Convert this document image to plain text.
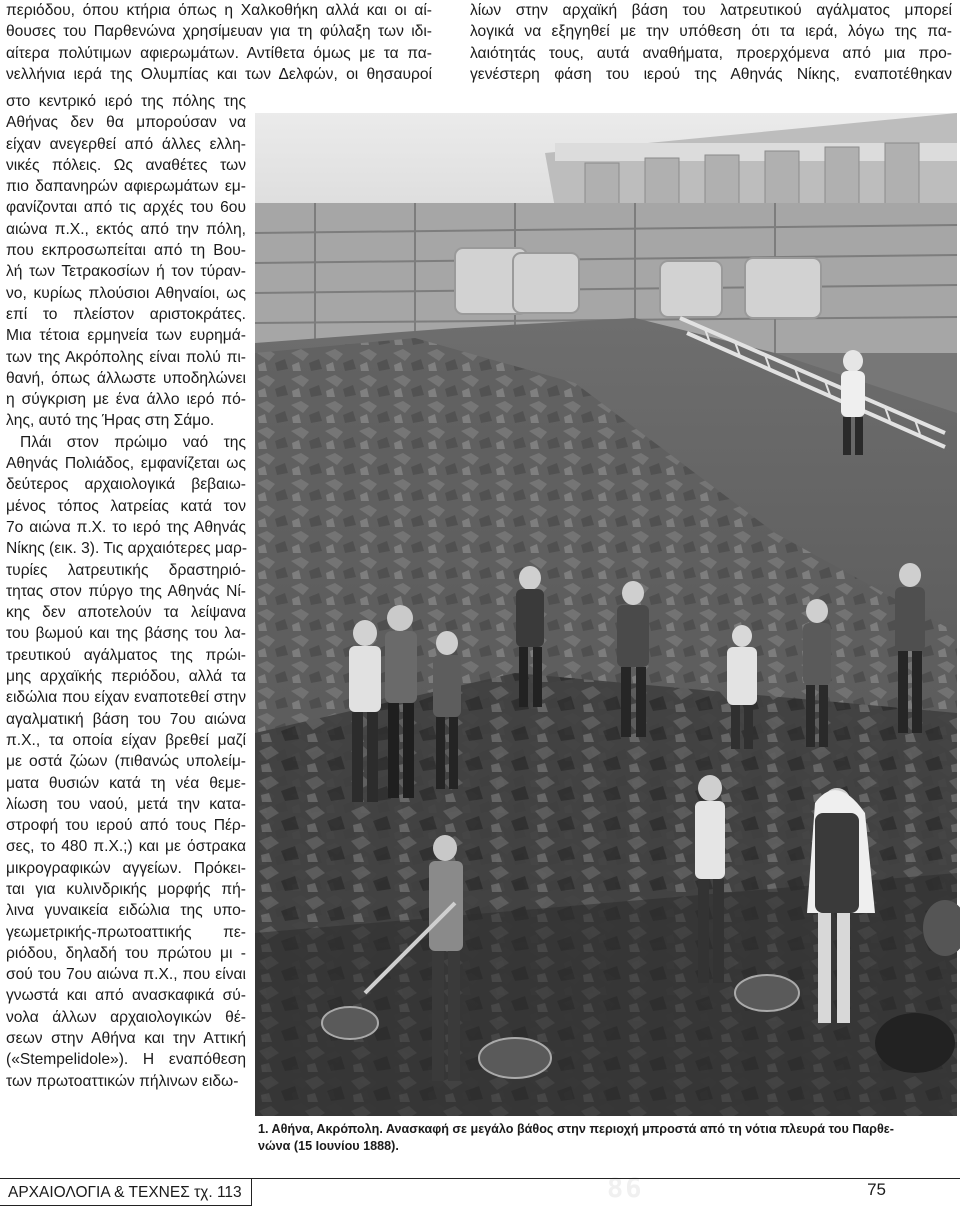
περιόδου, όπου κτήρια όπως η Χαλκοθήκη αλλά και οι αί-
θουσες του Παρθενώνα χρησίμευαν για τη φύλαξη των ιδι-
αίτερα πολύτιμων αφιερωμάτων. Αντίθετα όμως με τα πα-
νελλήνια ιερά της Ολυμπίας και των Δελφών, οι θησαυροί
λίων στην αρχαϊκή βάση του λατρευτικού αγάλματος μπορεί
λογικά να εξηγηθεί με την υπόθεση ότι τα ιερά, λόγω της πα-
λαιότητάς τους, αυτά αναθήματα, προερχόμενα από μια προ-
γενέστερη φάση του ιερού της Αθηνάς Νίκης, εναποτέθηκαν
στο κεντρικό ιερό της πόλης της
Αθήνας δεν θα μπορούσαν να
είχαν ανεγερθεί από άλλες ελλη-
νικές πόλεις. Ως αναθέτες των
πιο δαπανηρών αφιερωμάτων εμ-
φανίζονται από τις αρχές του 6ου
αιώνα π.Χ., εκτός από την πόλη,
που εκπροσωπείται από τη Βου-
λή των Τετρακοσίων ή τον τύραν-
νο, κυρίως πλούσιοι Αθηναίοι, ως
επί το πλείστον αριστοκράτες.
Μια τέτοια ερμηνεία των ευρημά-
των της Ακρόπολης είναι πολύ πι-
θανή, όπως άλλωστε υποδηλώνει
η σύγκριση με ένα άλλο ιερό πό-
λης, αυτό της Ήρας στη Σάμο.
Πλάι στον πρώιμο ναό της
Αθηνάς Πολιάδος, εμφανίζεται ως
δεύτερος αρχαιολογικά βεβαιω-
μένος τόπος λατρείας κατά τον
7ο αιώνα π.Χ. το ιερό της Αθηνάς
Νίκης (εικ. 3). Τις αρχαιότερες μαρ-
τυρίες λατρευτικής δραστηριό-
τητας στον πύργο της Αθηνάς Νί-
κης δεν αποτελούν τα λείψανα
του βωμού και της βάσης του λα-
τρευτικού αγάλματος της πρώι-
μης αρχαϊκής περιόδου, αλλά τα
ειδώλια που είχαν εναποτεθεί στην
αγαλματική βάση του 7ου αιώνα
π.Χ., τα οποία είχαν βρεθεί μαζί
με οστά ζώων (πιθανώς υπολείμ-
ματα θυσιών κατά τη νέα θεμε-
λίωση του ναού, μετά την κατα-
στροφή του ιερού από τους Πέρ-
σες, το 480 π.Χ.;) και με όστρακα
μικρογραφικών αγγείων. Πρόκει-
ται για κυλινδρικής μορφής πή-
λινα γυναικεία ειδώλια της υπο-
γεωμετρικής-πρωτοαττικής πε-
ριόδου, δηλαδή του πρώτου μι -
σού του 7ου αιώνα π.Χ., που είναι
γνωστά και από ανασκαφικά σύ-
νολα άλλων αρχαιολογικών θέ-
σεων στην Αθήνα και την Αττική
(«Stempelidole»). Η εναπόθεση
των πρωτοαττικών πήλινων ειδω-
86
1. Αθήνα, Ακρόπολη. Ανασκαφή σε μεγάλο βάθος στην περιοχή μπροστά από τη νότια πλευρά του Παρθε-
νώνα (15 Ιουνίου 1888).
ΑΡΧΑΙΟΛΟΓΙΑ & ΤΕΧΝΕΣ τχ. 113	75
